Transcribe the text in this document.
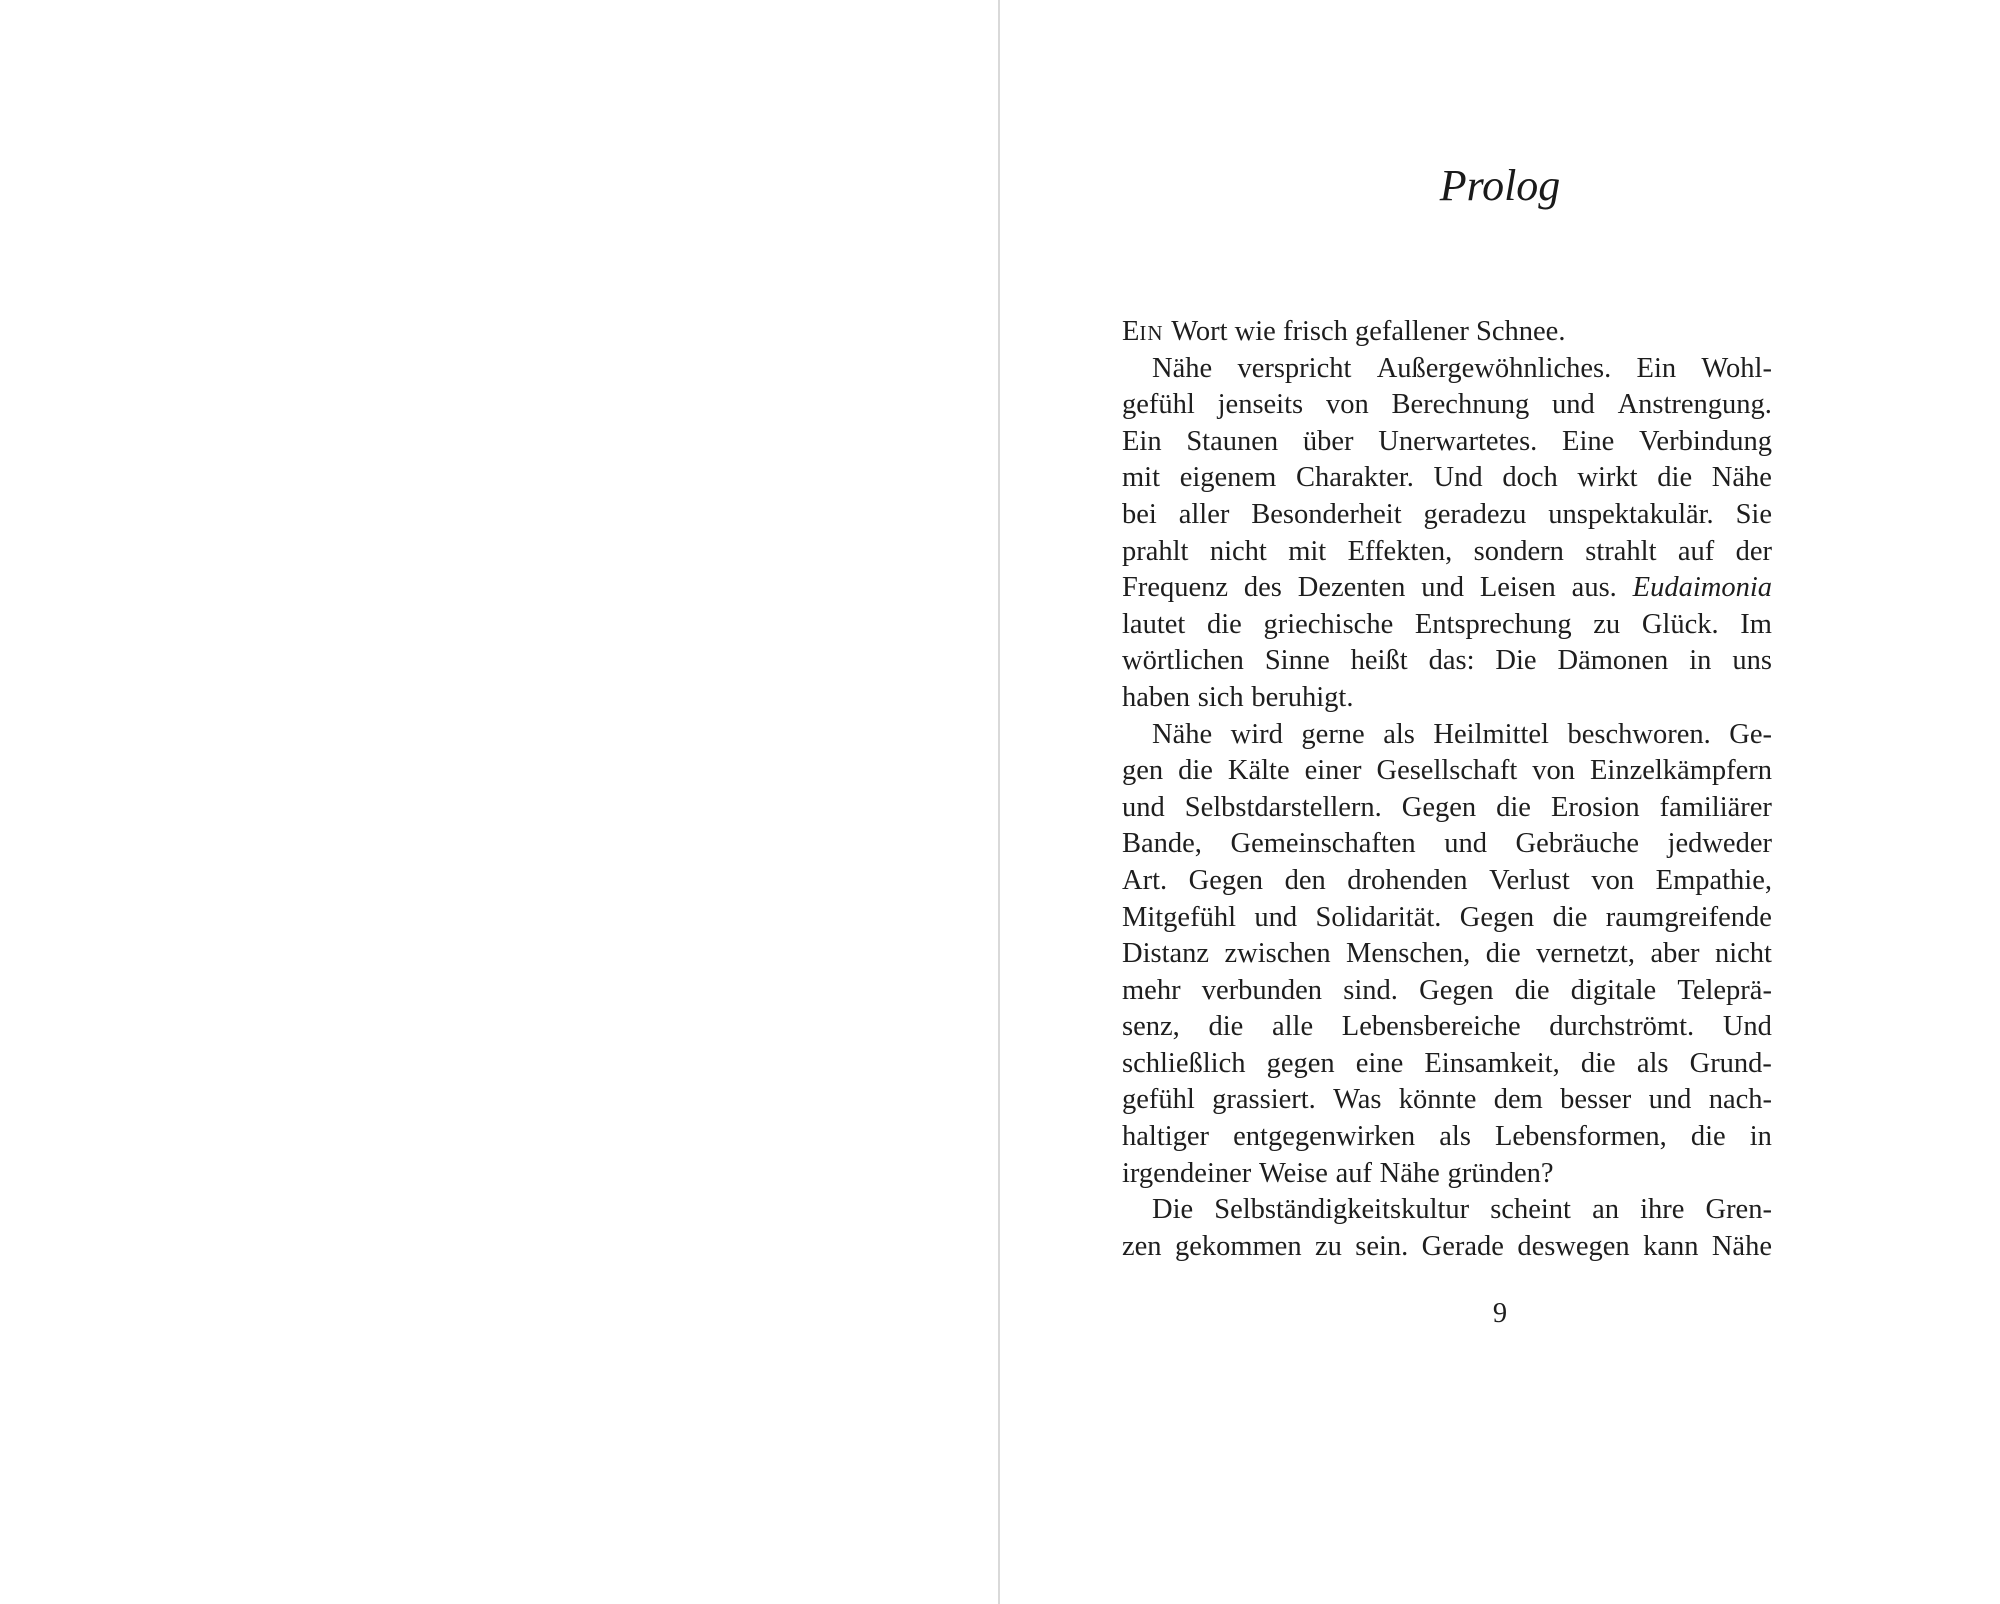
Prolog
EIN Wort wie frisch gefallener Schnee.
Nähe verspricht Außergewöhnliches. Ein Wohl-
gefühl jenseits von Berechnung und Anstrengung.
Ein Staunen über Unerwartetes. Eine Verbindung
mit eigenem Charakter. Und doch wirkt die Nähe
bei aller Besonderheit geradezu unspektakulär. Sie
prahlt nicht mit Effekten, sondern strahlt auf der
Frequenz des Dezenten und Leisen aus. Eudaimonia
lautet die griechische Entsprechung zu Glück. Im
wörtlichen Sinne heißt das: Die Dämonen in uns
haben sich beruhigt.
Nähe wird gerne als Heilmittel beschworen. Ge-
gen die Kälte einer Gesellschaft von Einzelkämpfern
und Selbstdarstellern. Gegen die Erosion familiärer
Bande, Gemeinschaften und Gebräuche jedweder
Art. Gegen den drohenden Verlust von Empathie,
Mitgefühl und Solidarität. Gegen die raumgreifende
Distanz zwischen Menschen, die vernetzt, aber nicht
mehr verbunden sind. Gegen die digitale Teleprä-
senz, die alle Lebensbereiche durchströmt. Und
schließlich gegen eine Einsamkeit, die als Grund-
gefühl grassiert. Was könnte dem besser und nach-
haltiger entgegenwirken als Lebensformen, die in
irgendeiner Weise auf Nähe gründen?
Die Selbständigkeitskultur scheint an ihre Gren-
zen gekommen zu sein. Gerade deswegen kann Nähe
9
